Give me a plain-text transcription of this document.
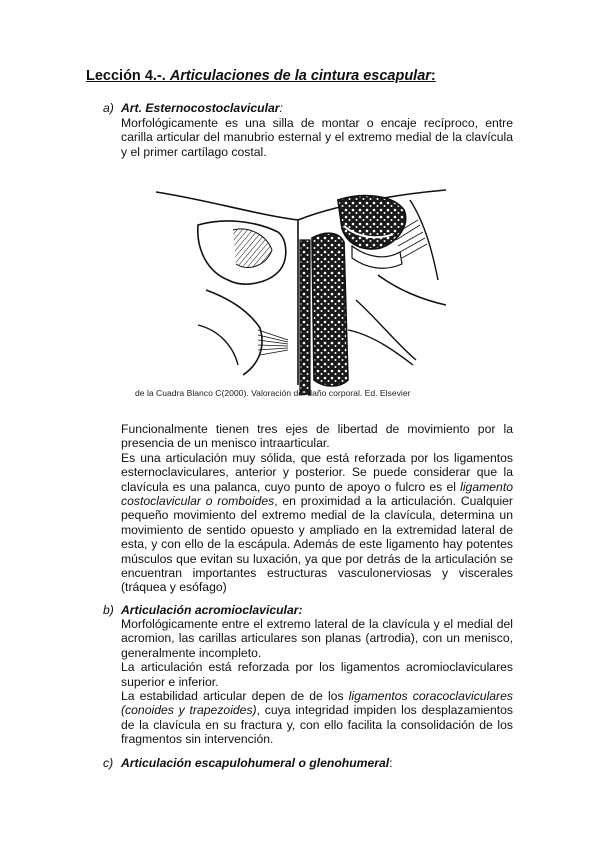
Lección 4.-. Articulaciones de la cintura escapular:
a) Art. Esternocostoclavicular:

Morfológicamente es una silla de montar o encaje recíproco, entre carilla articular del manubrio esternal y el extremo medial de la clavícula y el primer cartílago costal.

de la Cuadra Blanco C(2000). Valoración del daño corporal. Ed. Elsevier

Funcionalmente tienen tres ejes de libertad de movimiento por la presencia de un menisco intraarticular.

Es una articulación muy sólida, que está reforzada por los ligamentos esternoclaviculares, anterior y posterior. Se puede considerar que la clavícula es una palanca, cuyo punto de apoyo o fulcro es el ligamento costoclavicular o romboides, en proximidad a la articulación. Cualquier pequeño movimiento del extremo medial de la clavícula, determina un movimiento de sentido opuesto y ampliado en la extremidad lateral de esta, y con ello de la escápula. Además de este ligamento hay potentes músculos que evitan su luxación, ya que por detrás de la articulación se encuentran importantes estructuras vasculonerviosas y viscerales (tráquea y esófago)

b) Articulación acromioclavicular:

Morfológicamente entre el extremo lateral de la clavícula y el medial del acromion, las carillas articulares son planas (artrodia), con un menisco, generalmente incompleto.

La articulación está reforzada por los ligamentos acromioclaviculares superior e inferior.

La estabilidad articular depen de de los ligamentos coracoclaviculares (conoides y trapezoides), cuya integridad impiden los desplazamientos de la clavícula en su fractura y, con ello facilita la consolidación de los fragmentos sin intervención.

c) Articulación escapulohumeral o glenohumeral:
